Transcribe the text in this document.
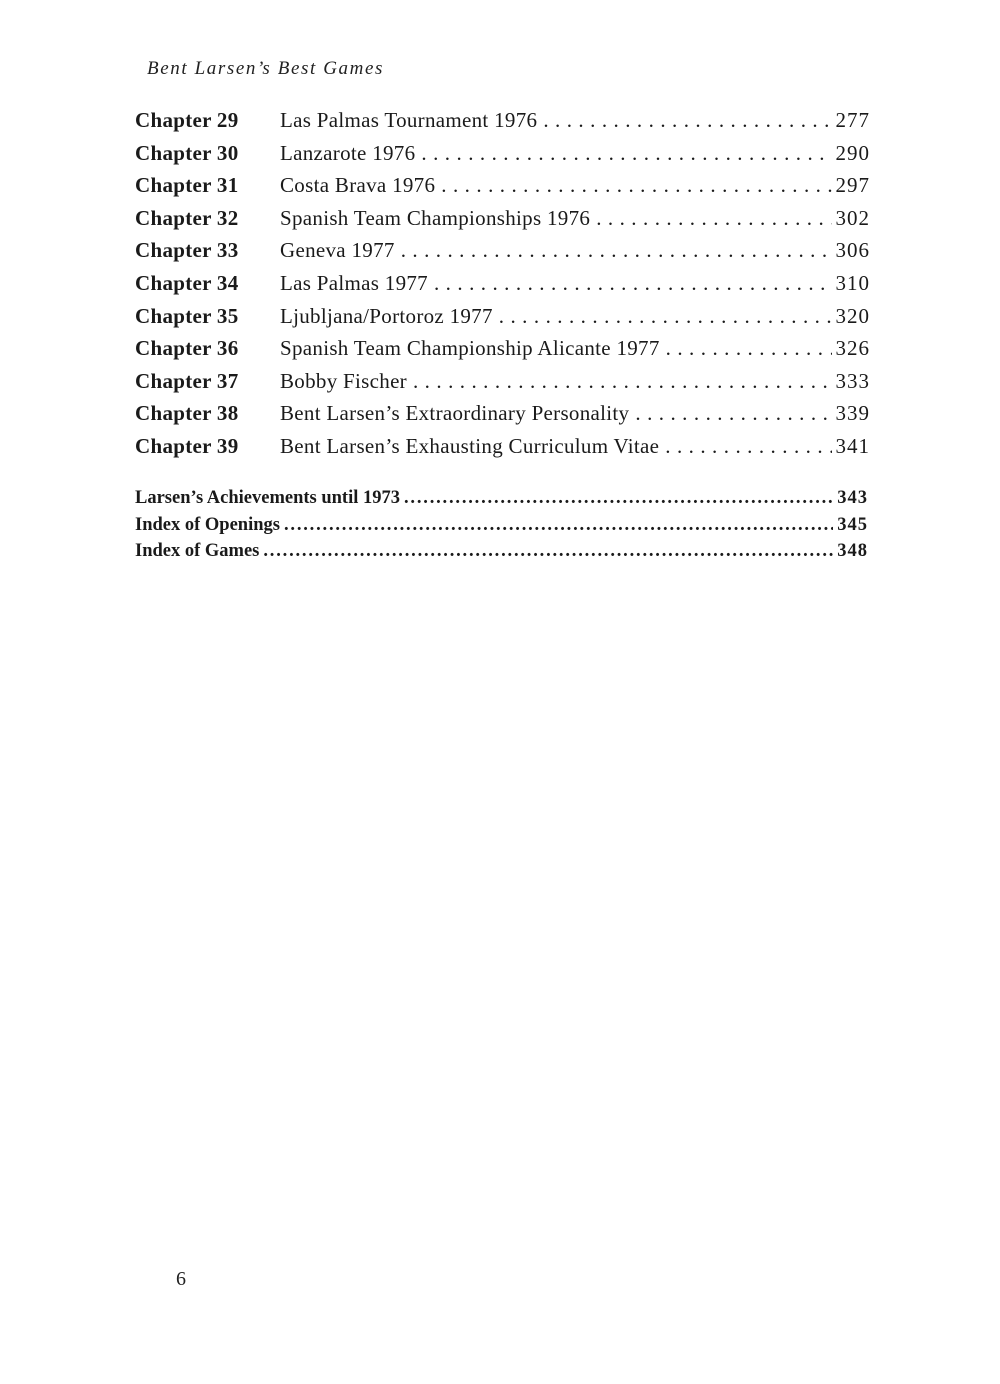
Bent Larsen’s Best Games
Chapter 29	Las Palmas Tournament 1976 . . .	277
Chapter 30	Lanzarote 1976 . . .	290
Chapter 31	Costa Brava 1976 . . .	297
Chapter 32	Spanish Team Championships 1976 . . .	302
Chapter 33	Geneva 1977 . . .	306
Chapter 34	Las Palmas 1977 . . .	310
Chapter 35	Ljubljana/Portoroz 1977 . . .	320
Chapter 36	Spanish Team Championship Alicante 1977 . . .	326
Chapter 37	Bobby Fischer . . .	333
Chapter 38	Bent Larsen’s Extraordinary Personality . . .	339
Chapter 39	Bent Larsen’s Exhausting Curriculum Vitae . . .	341
Larsen’s Achievements until 1973 .....	343
Index of Openings .....	345
Index of Games .....	348
6
